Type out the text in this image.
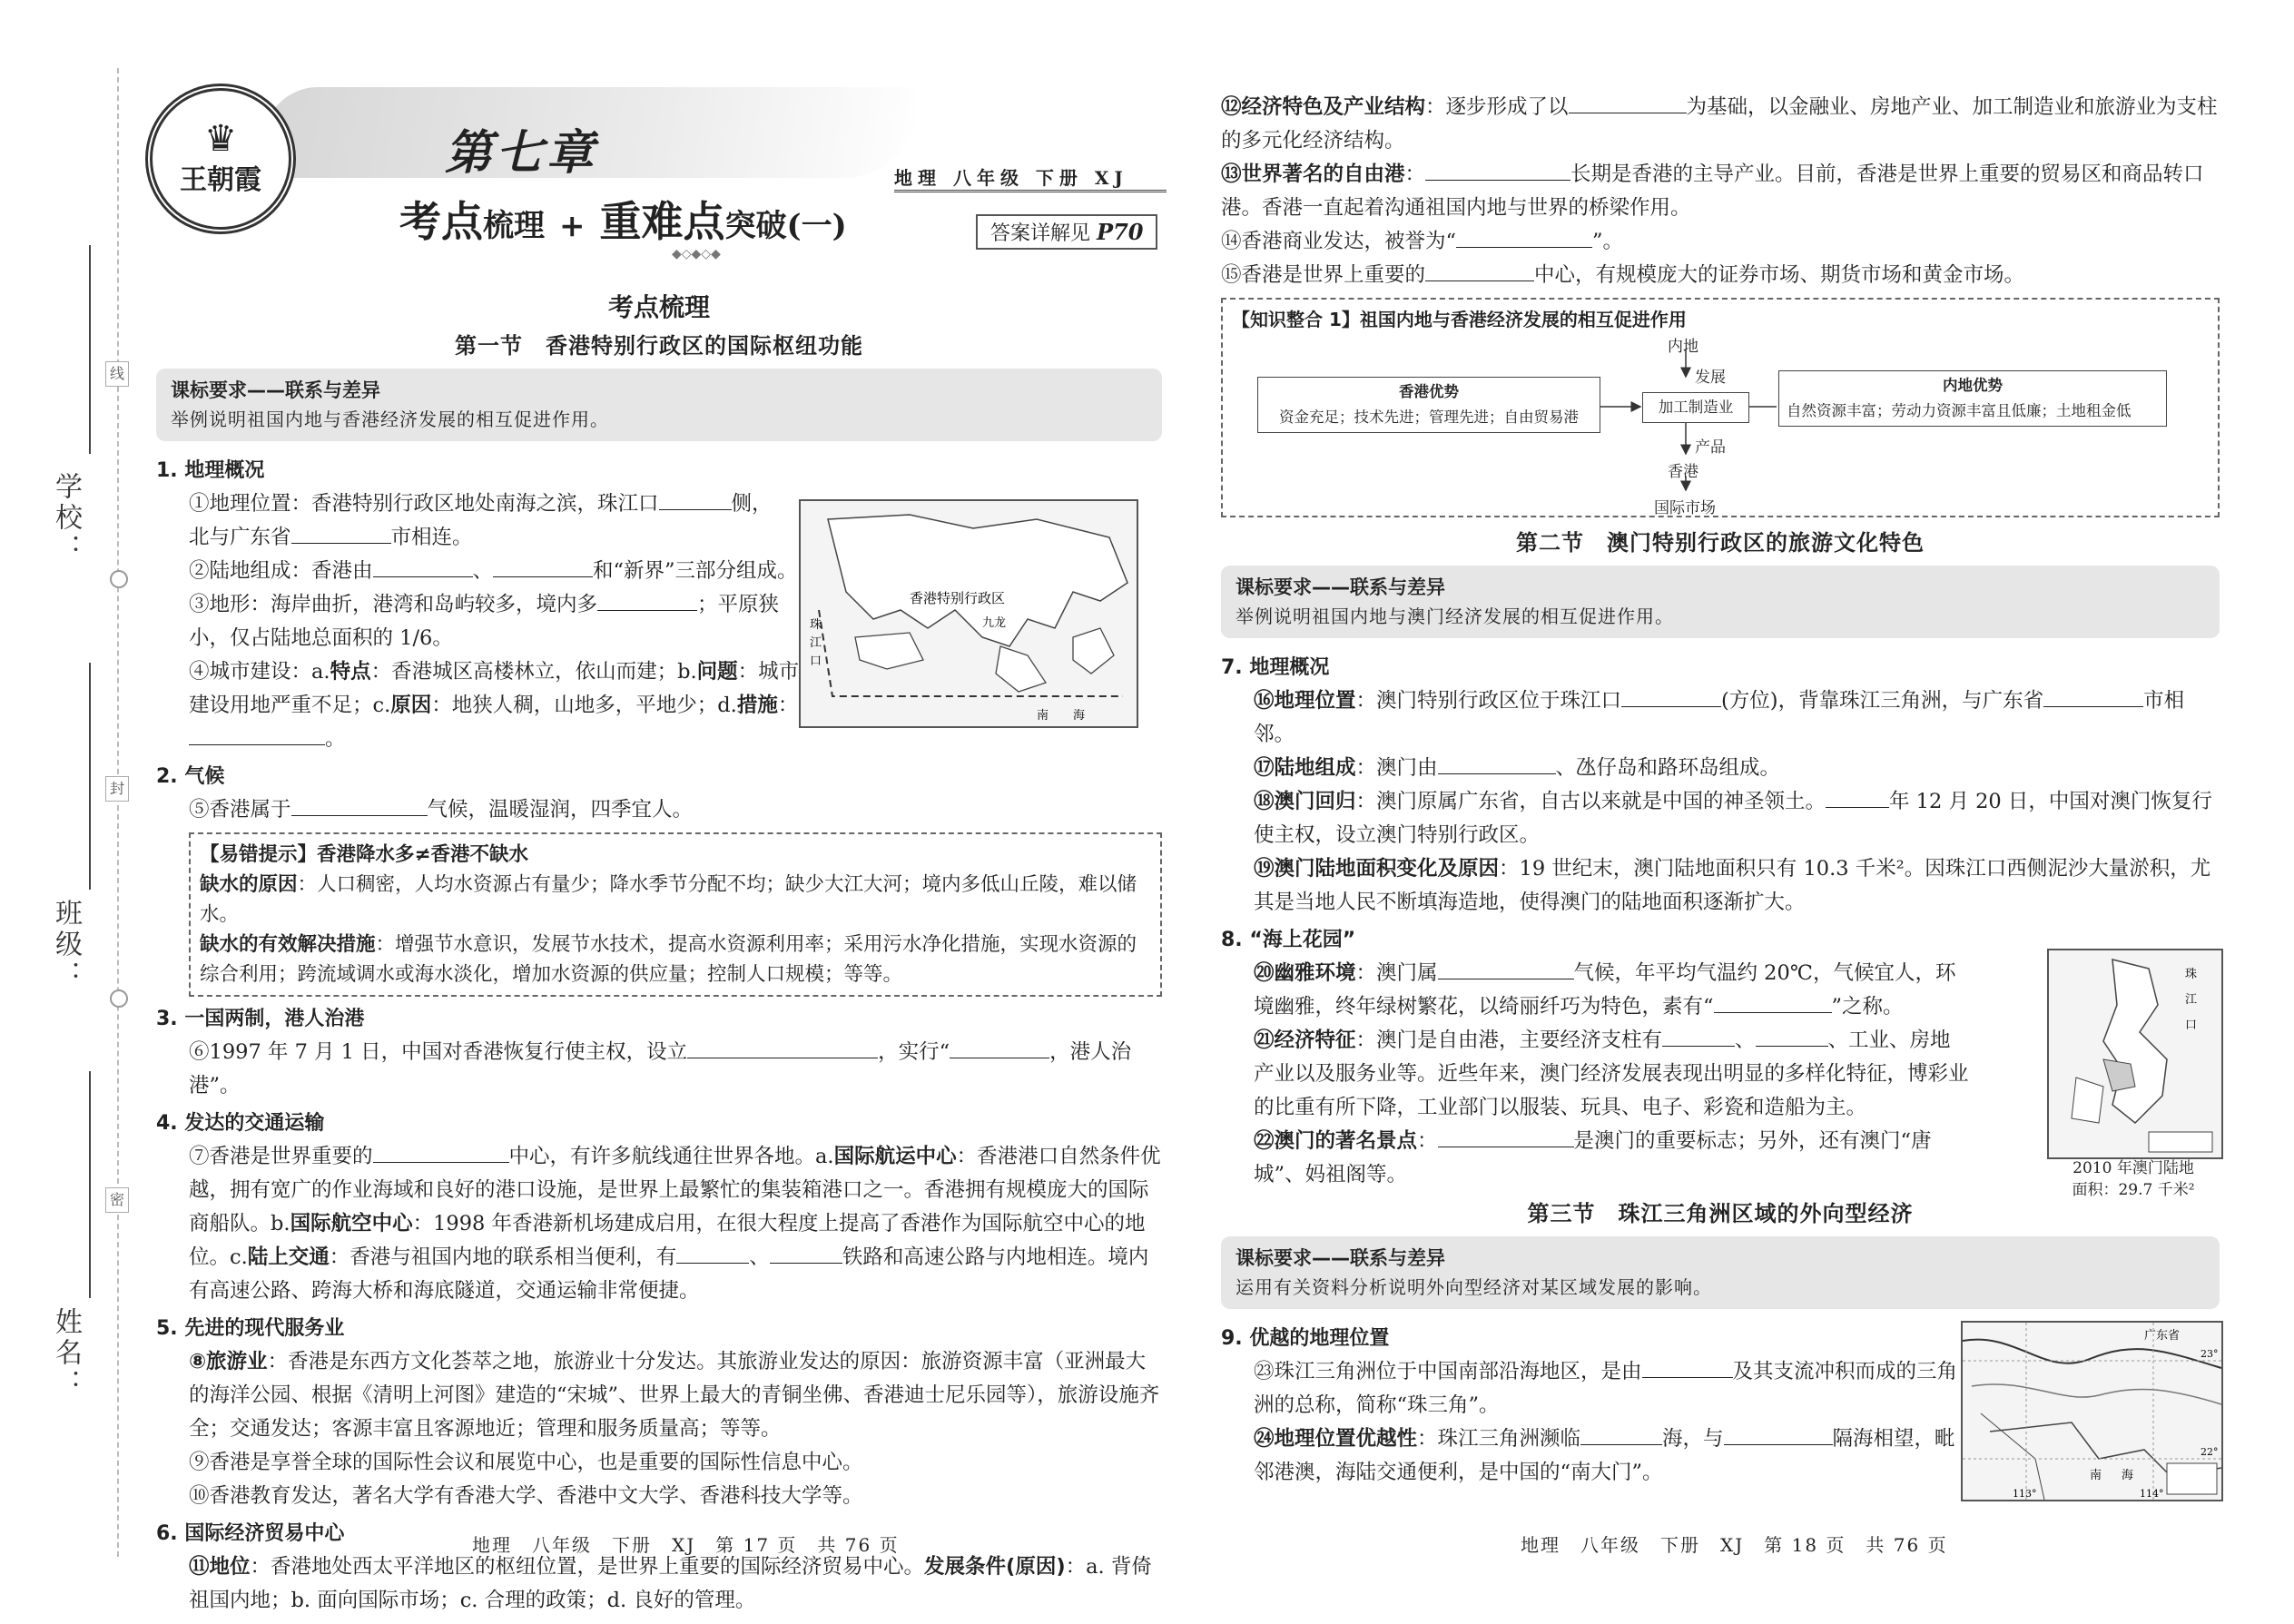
学校：
班级：
姓名：
线
封
密
♛
王朝霞	第七章
考点梳理 + 重难点突破(一)
◆◇◆◇◆
地理 八年级 下册 XJ
答案详解见 P70
考点梳理
第一节　香港特别行政区的国际枢纽功能
课标要求——联系与差异
举例说明祖国内地与香港经济发展的相互促进作用。
1. 地理概况
①地理位置：香港特别行政区地处南海之滨，珠江口	侧，
北与广东省	市相连。
②陆地组成：香港由	、	和“新界”三部分组成。
③地形：海岸曲折，港湾和岛屿较多，境内多	；平原狭
小，仅占陆地总面积的 1/6。
④城市建设：a.特点：香港城区高楼林立，依山而建；b.问题：城市
建设用地严重不足；c.原因：地狭人稠，山地多，平地少；d.措施：
。
2. 气候
⑤香港属于	气候，温暖湿润，四季宜人。
【易错提示】香港降水多≠香港不缺水
缺水的原因：人口稠密，人均水资源占有量少；降水季节分配不均；缺少大江大河；境内多低山丘陵，难以储水。
缺水的有效解决措施：增强节水意识，发展节水技术，提高水资源利用率；采用污水净化措施，实现水资源的综合利用；跨流域调水或海水淡化，增加水资源的供应量；控制人口规模；等等。
3. 一国两制，港人治港
⑥1997 年 7 月 1 日，中国对香港恢复行使主权，设立	，实行“	，港人治港”。
4. 发达的交通运输
⑦香港是世界重要的	中心，有许多航线通往世界各地。a.国际航运中心：香港港口自然条件优越，拥有宽广的作业海域和良好的港口设施，是世界上最繁忙的集装箱港口之一。香港拥有规模庞大的国际商船队。b.国际航空中心：1998 年香港新机场建成启用，在很大程度上提高了香港作为国际航空中心的地位。c.陆上交通：香港与祖国内地的联系相当便利，有	、	铁路和高速公路与内地相连。境内有高速公路、跨海大桥和海底隧道，交通运输非常便捷。
5. 先进的现代服务业
⑧旅游业：香港是东西方文化荟萃之地，旅游业十分发达。其旅游业发达的原因：旅游资源丰富（亚洲最大的海洋公园、根据《清明上河图》建造的“宋城”、世界上最大的青铜坐佛、香港迪士尼乐园等），旅游设施齐全；交通发达；客源丰富且客源地近；管理和服务质量高；等等。
⑨香港是享誉全球的国际性会议和展览中心，也是重要的国际性信息中心。
⑩香港教育发达，著名大学有香港大学、香港中文大学、香港科技大学等。
6. 国际经济贸易中心
⑪地位：香港地处西太平洋地区的枢纽位置，是世界上重要的国际经济贸易中心。发展条件(原因)：a. 背倚祖国内地；b. 面向国际市场；c. 合理的政策；d. 良好的管理。
珠
江
口
香港特别行政区
九龙
南 海
地理　八年级　下册　XJ　第 17 页　共 76 页
⑫经济特色及产业结构：逐步形成了以	为基础，以金融业、房地产业、加工制造业和旅游业为支柱的多元化经济结构。
⑬世界著名的自由港：	长期是香港的主导产业。目前，香港是世界上重要的贸易区和商品转口港。香港一直起着沟通祖国内地与世界的桥梁作用。
⑭香港商业发达，被誉为“	”。
⑮香港是世界上重要的	中心，有规模庞大的证券市场、期货市场和黄金市场。
【知识整合 1】祖国内地与香港经济发展的相互促进作用
内地
发展
香港优势
资金充足；技术先进；管理先进；自由贸易港
加工制造业
内地优势
自然资源丰富；劳动力资源丰富且低廉；土地租金低
产品
香港
国际市场
第二节　澳门特别行政区的旅游文化特色
课标要求——联系与差异
举例说明祖国内地与澳门经济发展的相互促进作用。
7. 地理概况
⑯地理位置：澳门特别行政区位于珠江口	(方位)，背靠珠江三角洲，与广东省	市相邻。
⑰陆地组成：澳门由	、氹仔岛和路环岛组成。
⑱澳门回归：澳门原属广东省，自古以来就是中国的神圣领土。	年 12 月 20 日，中国对澳门恢复行使主权，设立澳门特别行政区。
⑲澳门陆地面积变化及原因：19 世纪末，澳门陆地面积只有 10.3 千米²。因珠江口西侧泥沙大量淤积，尤其是当地人民不断填海造地，使得澳门的陆地面积逐渐扩大。
8. “海上花园”
⑳幽雅环境：澳门属	气候，年平均气温约 20℃，气候宜人，环境幽雅，终年绿树繁花，以绮丽纤巧为特色，素有“	”之称。
㉑经济特征：澳门是自由港，主要经济支柱有	、	、工业、房地产业以及服务业等。近些年来，澳门经济发展表现出明显的多样化特征，博彩业的比重有所下降，工业部门以服装、玩具、电子、彩瓷和造船为主。
㉒澳门的著名景点：	是澳门的重要标志；另外，还有澳门“唐城”、妈祖阁等。
第三节　珠江三角洲区域的外向型经济
课标要求——联系与差异
运用有关资料分析说明外向型经济对某区域发展的影响。
9. 优越的地理位置
㉓珠江三角洲位于中国南部沿海地区，是由	及其支流冲积而成的三角洲的总称，简称“珠三角”。
㉔地理位置优越性：珠江三角洲濒临	海，与	隔海相望，毗邻港澳，海陆交通便利，是中国的“南大门”。
珠
江
口
2010 年澳门陆地
面积：29.7 千米²
广东省
23°
22°
南 海
113°	114°
地理　八年级　下册　XJ　第 18 页　共 76 页
